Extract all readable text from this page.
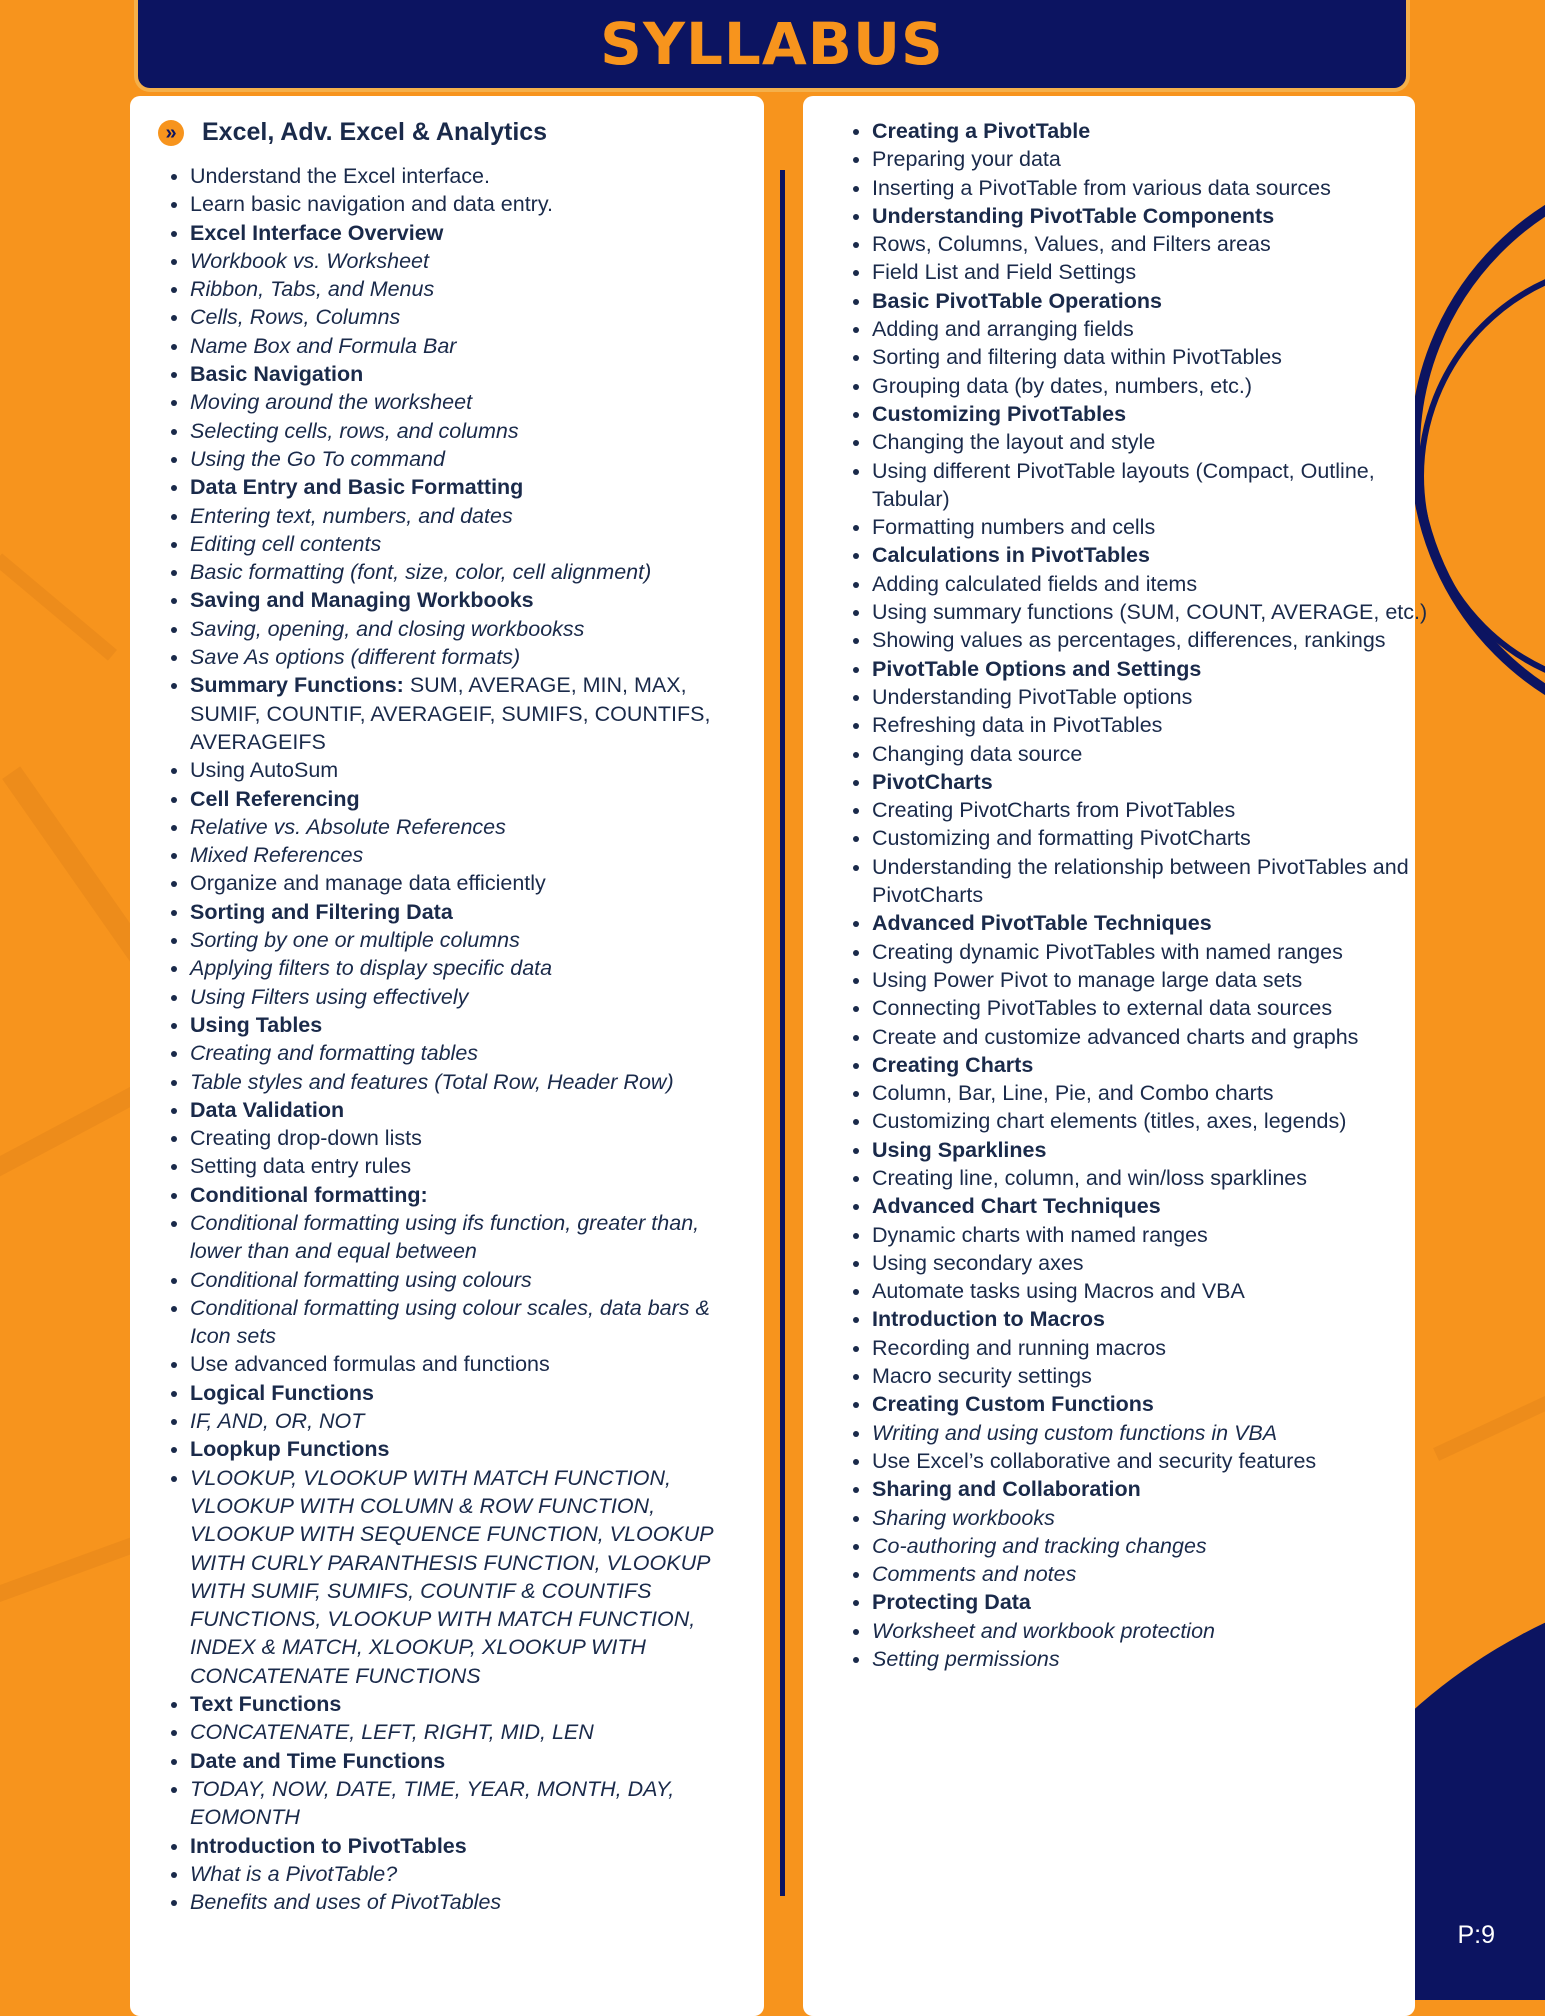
SYLLABUS
» Excel, Adv. Excel & Analytics
• Understand the Excel interface.
• Learn basic navigation and data entry.
• Excel Interface Overview
• Workbook vs. Worksheet
• Ribbon, Tabs, and Menus
• Cells, Rows, Columns
• Name Box and Formula Bar
• Basic Navigation
• Moving around the worksheet
• Selecting cells, rows, and columns
• Using the Go To command
• Data Entry and Basic Formatting
• Entering text, numbers, and dates
• Editing cell contents
• Basic formatting (font, size, color, cell alignment)
• Saving and Managing Workbooks
• Saving, opening, and closing workbookss
• Save As options (different formats)
• Summary Functions: SUM, AVERAGE, MIN, MAX, SUMIF, COUNTIF, AVERAGEIF, SUMIFS, COUNTIFS, AVERAGEIFS
• Using AutoSum
• Cell Referencing
• Relative vs. Absolute References
• Mixed References
• Organize and manage data efficiently
• Sorting and Filtering Data
• Sorting by one or multiple columns
• Applying filters to display specific data
• Using Filters using effectively
• Using Tables
• Creating and formatting tables
• Table styles and features (Total Row, Header Row)
• Data Validation
• Creating drop-down lists
• Setting data entry rules
• Conditional formatting:
• Conditional formatting using ifs function, greater than, lower than and equal between
• Conditional formatting using colours
• Conditional formatting using colour scales, data bars & Icon sets
• Use advanced formulas and functions
• Logical Functions
• IF, AND, OR, NOT
• Loopkup Functions
• VLOOKUP, VLOOKUP WITH MATCH FUNCTION, VLOOKUP WITH COLUMN & ROW FUNCTION, VLOOKUP WITH SEQUENCE FUNCTION, VLOOKUP WITH CURLY PARANTHESIS FUNCTION, VLOOKUP WITH SUMIF, SUMIFS, COUNTIF & COUNTIFS FUNCTIONS, VLOOKUP WITH MATCH FUNCTION, INDEX & MATCH, XLOOKUP, XLOOKUP WITH CONCATENATE FUNCTIONS
• Text Functions
• CONCATENATE, LEFT, RIGHT, MID, LEN
• Date and Time Functions
• TODAY, NOW, DATE, TIME, YEAR, MONTH, DAY, EOMONTH
• Introduction to PivotTables
• What is a PivotTable?
• Benefits and uses of PivotTables
• Creating a PivotTable
• Preparing your data
• Inserting a PivotTable from various data sources
• Understanding PivotTable Components
• Rows, Columns, Values, and Filters areas
• Field List and Field Settings
• Basic PivotTable Operations
• Adding and arranging fields
• Sorting and filtering data within PivotTables
• Grouping data (by dates, numbers, etc.)
• Customizing PivotTables
• Changing the layout and style
• Using different PivotTable layouts (Compact, Outline, Tabular)
• Formatting numbers and cells
• Calculations in PivotTables
• Adding calculated fields and items
• Using summary functions (SUM, COUNT, AVERAGE, etc.)
• Showing values as percentages, differences, rankings
• PivotTable Options and Settings
• Understanding PivotTable options
• Refreshing data in PivotTables
• Changing data source
• PivotCharts
• Creating PivotCharts from PivotTables
• Customizing and formatting PivotCharts
• Understanding the relationship between PivotTables and PivotCharts
• Advanced PivotTable Techniques
• Creating dynamic PivotTables with named ranges
• Using Power Pivot to manage large data sets
• Connecting PivotTables to external data sources
• Create and customize advanced charts and graphs
• Creating Charts
• Column, Bar, Line, Pie, and Combo charts
• Customizing chart elements (titles, axes, legends)
• Using Sparklines
• Creating line, column, and win/loss sparklines
• Advanced Chart Techniques
• Dynamic charts with named ranges
• Using secondary axes
• Automate tasks using Macros and VBA
• Introduction to Macros
• Recording and running macros
• Macro security settings
• Creating Custom Functions
• Writing and using custom functions in VBA
• Use Excel’s collaborative and security features
• Sharing and Collaboration
• Sharing workbooks
• Co-authoring and tracking changes
• Comments and notes
• Protecting Data
• Worksheet and workbook protection
• Setting permissions
P:9
